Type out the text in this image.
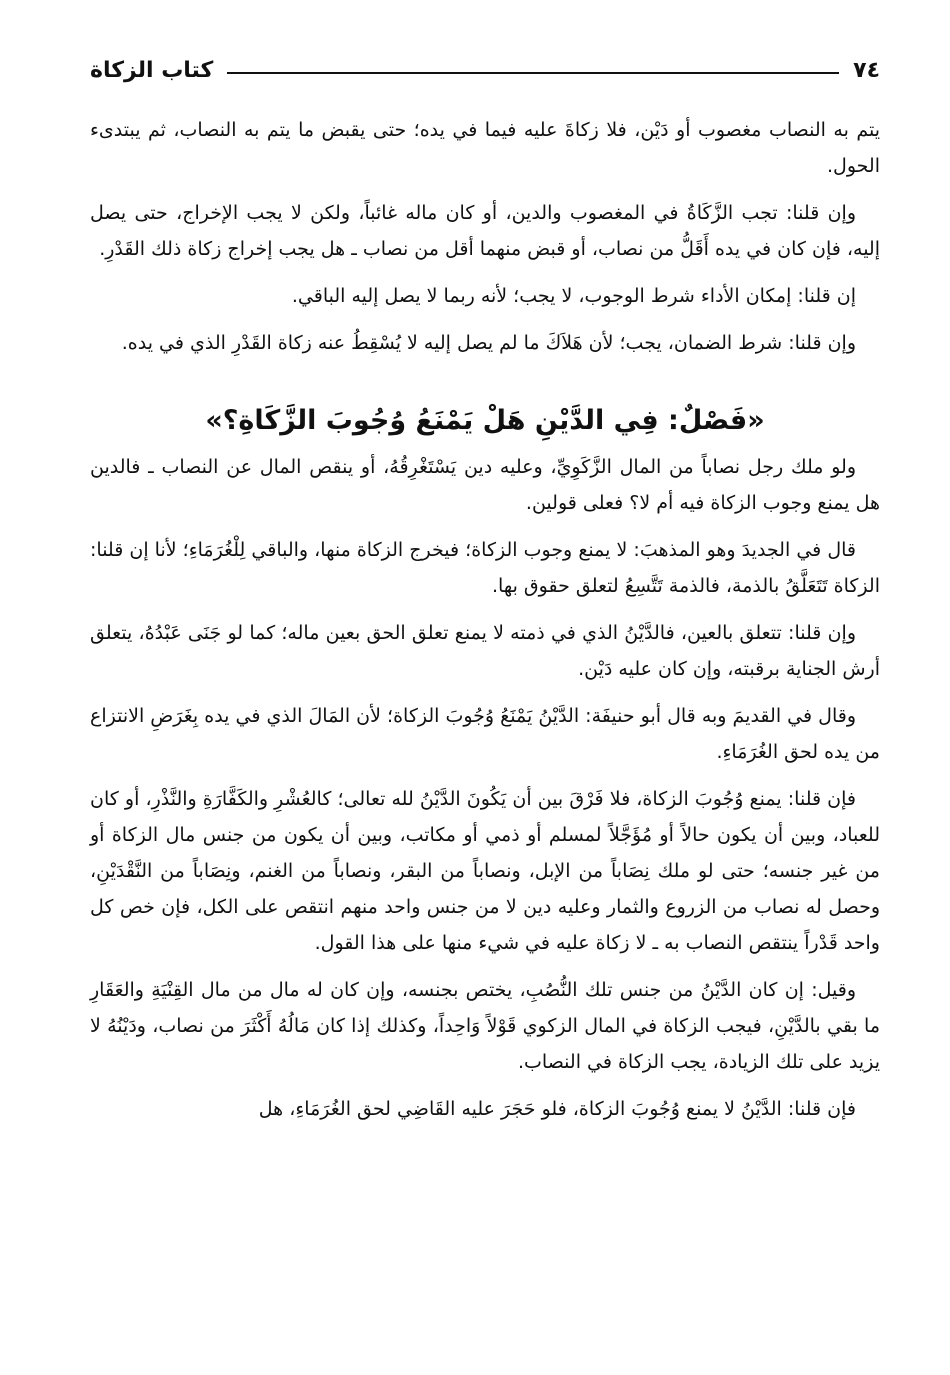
٧٤
كتاب الزكاة

يتم به النصاب مغصوب أو دَيْن، فلا زكاةَ عليه فيما في يده؛ حتى يقبض ما يتم به النصاب، ثم يبتدىء الحول.

وإن قلنا: تجب الزَّكَاةُ في المغصوب والدين، أو كان ماله غائباً، ولكن لا يجب الإخراج، حتى يصل إليه، فإن كان في يده أَقَلُّ من نصاب، أو قبض منهما أقل من نصاب ـ هل يجب إخراج زكاة ذلك القَدْرِ.

إن قلنا: إمكان الأداء شرط الوجوب، لا يجب؛ لأنه ربما لا يصل إليه الباقي.

وإن قلنا: شرط الضمان، يجب؛ لأن هَلاَكَ ما لم يصل إليه لا يُسْقِطُ عنه زكاة القَدْرِ الذي في يده.

«فَصْلٌ: فِي الدَّيْنِ هَلْ يَمْنَعُ وُجُوبَ الزَّكَاةِ؟»

ولو ملك رجل نصاباً من المال الزَّكَوِيِّ، وعليه دين يَسْتَغْرِقُهُ، أو ينقص المال عن النصاب ـ فالدين هل يمنع وجوب الزكاة فيه أم لا؟ فعلى قولين.

قال في الجديدَ وهو المذهبَ: لا يمنع وجوب الزكاة؛ فيخرج الزكاة منها، والباقي لِلْغُرَمَاءِ؛ لأنا إن قلنا: الزكاة تَتَعَلَّقُ بالذمة، فالذمة تَتَّسِعُ لتعلق حقوق بها.

وإن قلنا: تتعلق بالعين، فالدَّيْنُ الذي في ذمته لا يمنع تعلق الحق بعين ماله؛ كما لو جَنَى عَبْدُهُ، يتعلق أرش الجناية برقبته، وإن كان عليه دَيْن.

وقال في القديمَ وبه قال أبو حنيفَة: الدَّيْنُ يَمْنَعُ وُجُوبَ الزكاة؛ لأن المَالَ الذي في يده بِغَرَضِ الانتزاع من يده لحق الغُرَمَاءِ.

فإن قلنا: يمنع وُجُوبَ الزكاة، فلا فَرْقَ بين أن يَكُونَ الدَّيْنُ لله تعالى؛ كالعُشْرِ والكَفَّارَةِ والنَّذْرِ، أو كان للعباد، وبين أن يكون حالاً أو مُؤَجَّلاً لمسلم أو ذمي أو مكاتب، وبين أن يكون من جنس مال الزكاة أو من غير جنسه؛ حتى لو ملك نِصَاباً من الإبل، ونصاباً من البقر، ونصاباً من الغنم، ونِصَاباً من النَّقْدَيْنِ، وحصل له نصاب من الزروع والثمار وعليه دين لا من جنس واحد منهم انتقص على الكل، فإن خص كل واحد قَدْراً ينتقص النصاب به ـ لا زكاة عليه في شيء منها على هذا القول.

وقيل: إن كان الدَّيْنُ من جنس تلك النُّصُبِ، يختص بجنسه، وإن كان له مال من مال القِنْيَةِ والعَقَارِ ما بقي بالدَّيْنِ، فيجب الزكاة في المال الزكوي قَوْلاً وَاحِداً، وكذلك إذا كان مَالُهُ أَكْثَرَ من نصاب، ودَيْنُهُ لا يزيد على تلك الزيادة، يجب الزكاة في النصاب.

فإن قلنا: الدَّيْنُ لا يمنع وُجُوبَ الزكاة، فلو حَجَرَ عليه القَاضِي لحق الغُرَمَاءِ، هل
